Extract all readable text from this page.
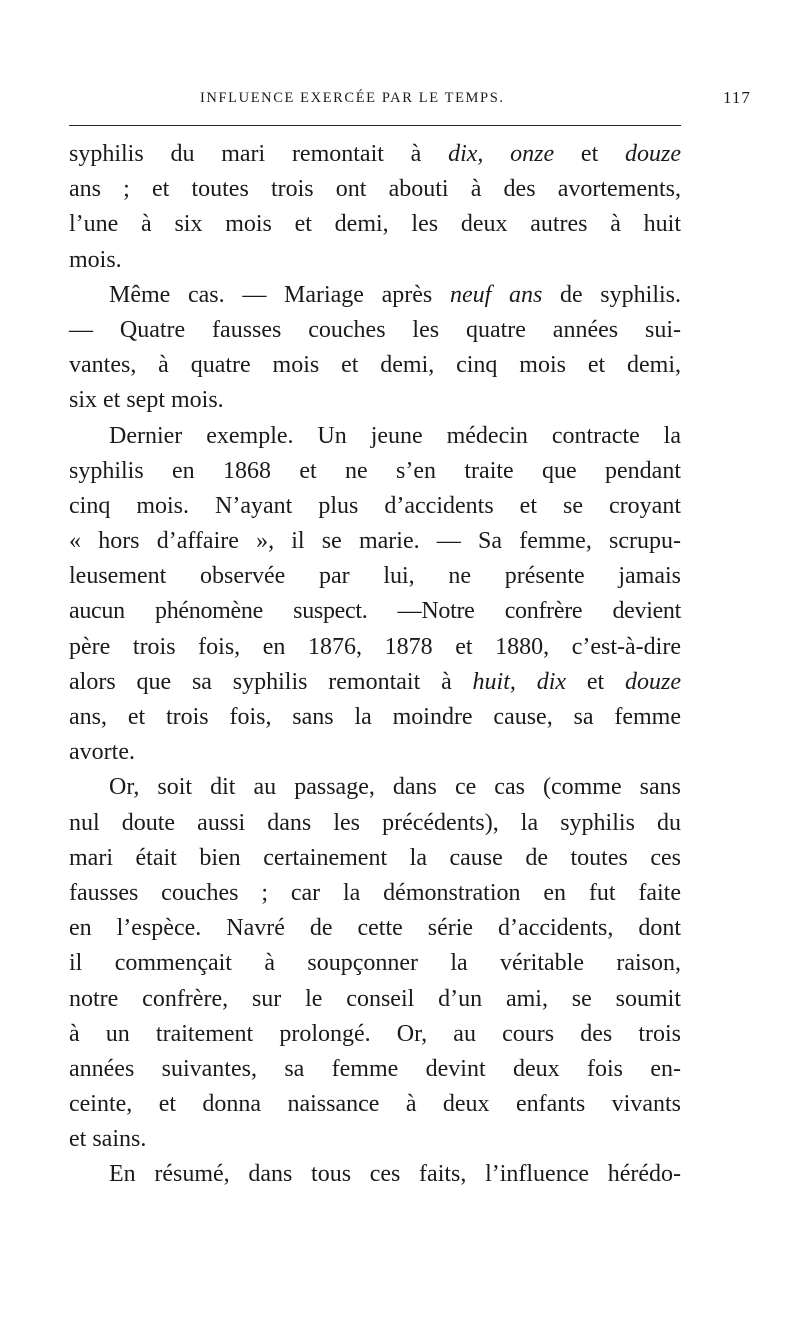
INFLUENCE EXERCÉE PAR LE TEMPS.	117
syphilis du mari remontait à dix, onze et douze
ans ; et toutes trois ont abouti à des avortements,
l’une à six mois et demi, les deux autres à huit
mois.
Même cas. — Mariage après neuf ans de syphilis.
— Quatre fausses couches les quatre années sui-
vantes, à quatre mois et demi, cinq mois et demi,
six et sept mois.
Dernier exemple. Un jeune médecin contracte la
syphilis en 1868 et ne s’en traite que pendant
cinq mois. N’ayant plus d’accidents et se croyant
« hors d’affaire », il se marie. — Sa femme, scrupu-
leusement observée par lui, ne présente jamais
aucun phénomène suspect. —Notre confrère devient
père trois fois, en 1876, 1878 et 1880, c’est-à-dire
alors que sa syphilis remontait à huit, dix et douze
ans, et trois fois, sans la moindre cause, sa femme
avorte.
Or, soit dit au passage, dans ce cas (comme sans
nul doute aussi dans les précédents), la syphilis du
mari était bien certainement la cause de toutes ces
fausses couches ; car la démonstration en fut faite
en l’espèce. Navré de cette série d’accidents, dont
il commençait à soupçonner la véritable raison,
notre confrère, sur le conseil d’un ami, se soumit
à un traitement prolongé. Or, au cours des trois
années suivantes, sa femme devint deux fois en-
ceinte, et donna naissance à deux enfants vivants
et sains.
En résumé, dans tous ces faits, l’influence hérédo-
